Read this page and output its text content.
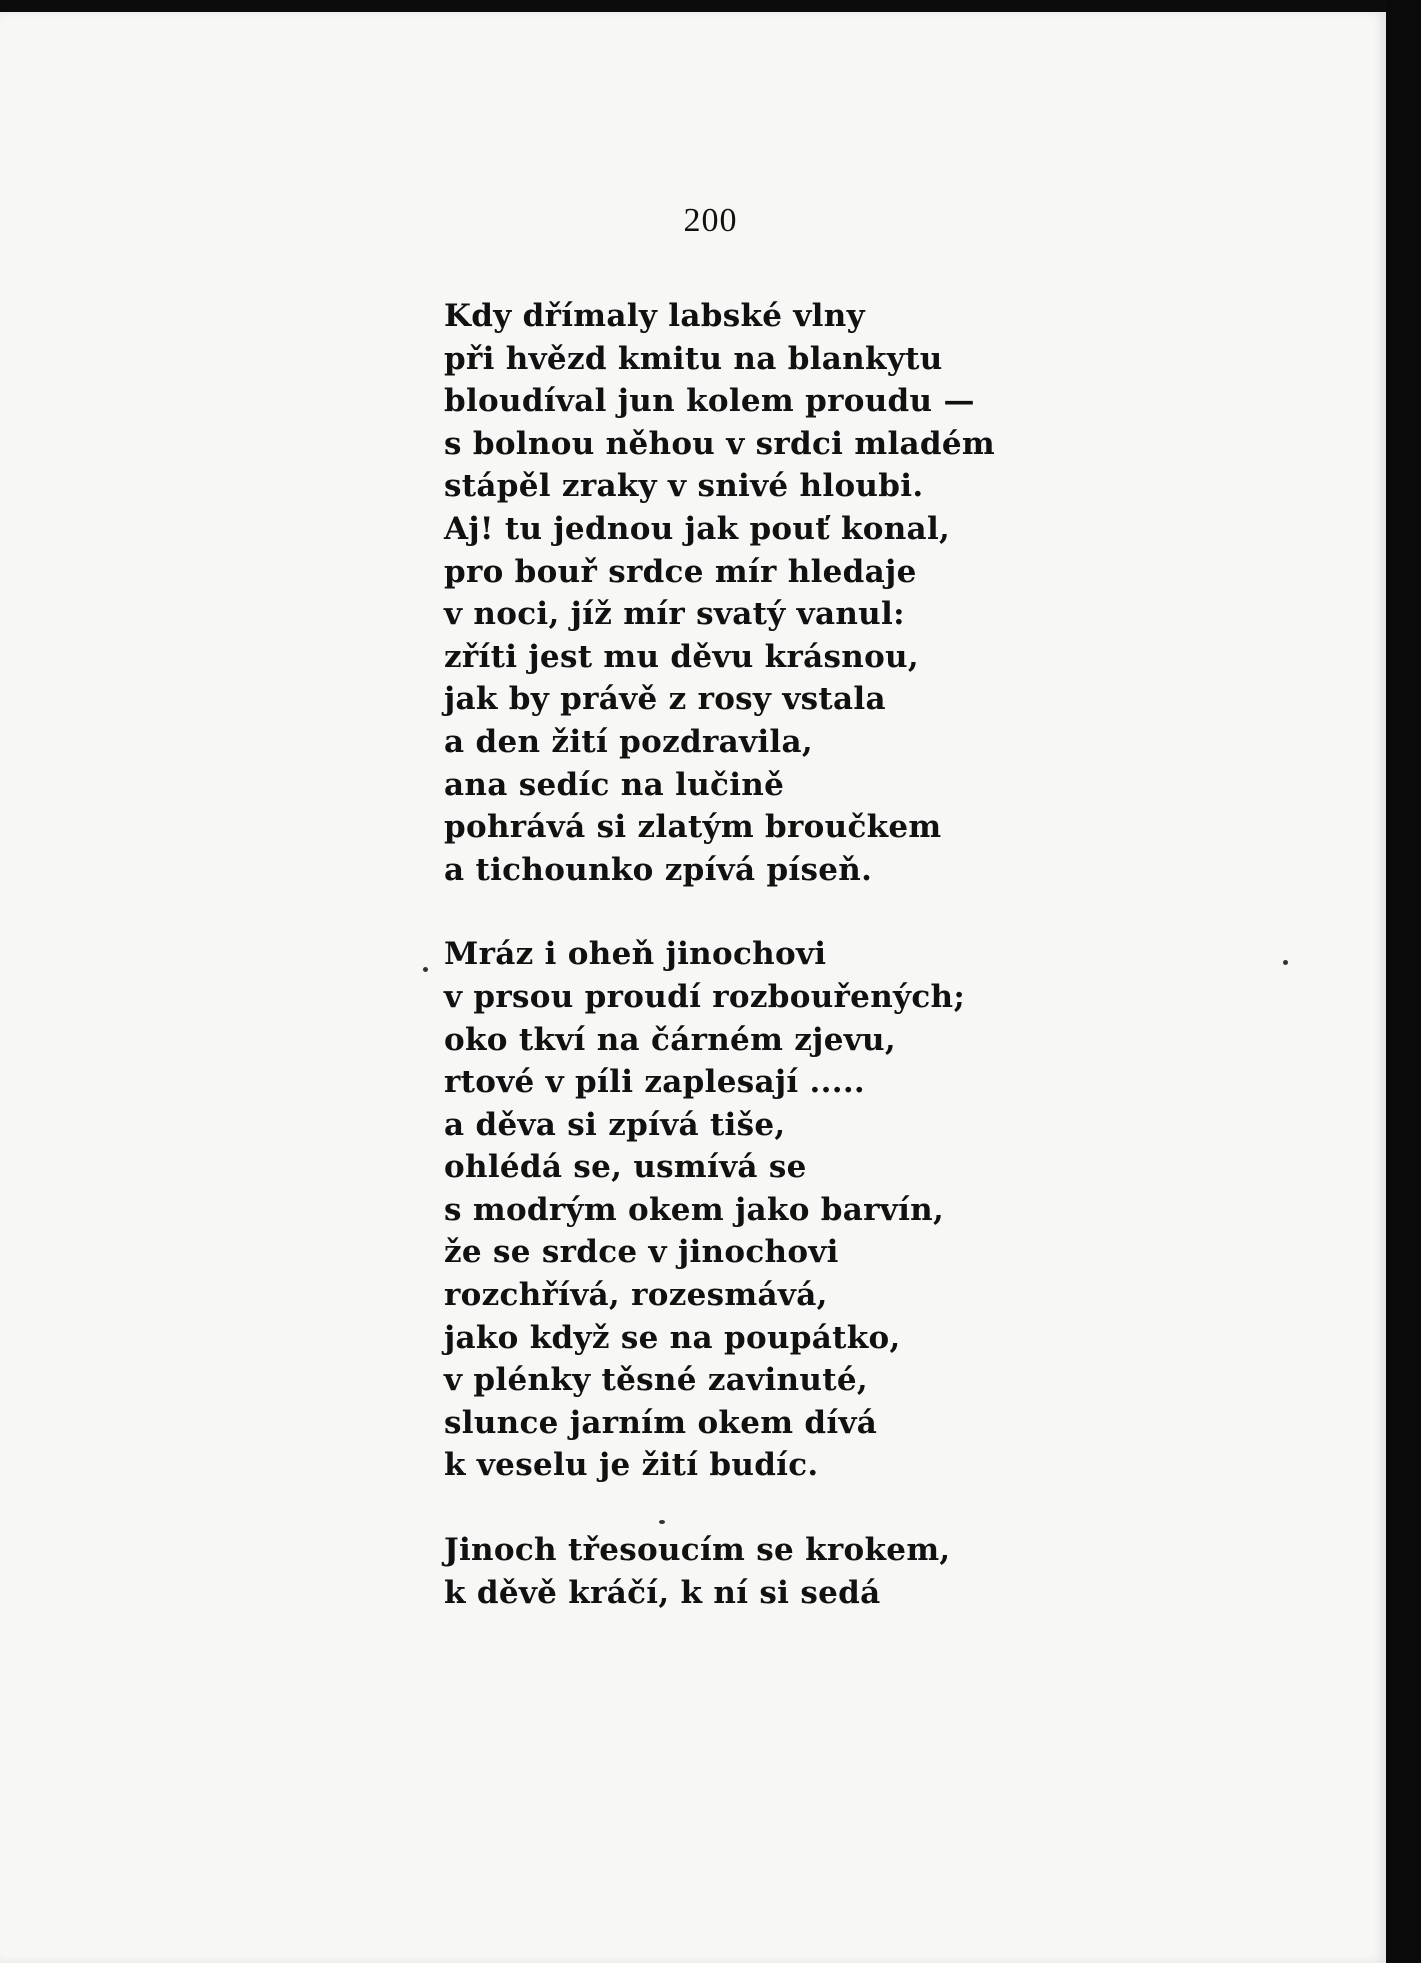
200
Kdy dřímaly labské vlny
při hvězd kmitu na blankytu
bloudíval jun kolem proudu —
s bolnou něhou v srdci mladém
stápěl zraky v snivé hloubi.
Aj! tu jednou jak pouť konal,
pro bouř srdce mír hledaje
v noci, jíž mír svatý vanul:
zříti jest mu děvu krásnou,
jak by právě z rosy vstala
a den žití pozdravila,
ana sedíc na lučině
pohrává si zlatým broučkem
a tichounko zpívá píseň.
Mráz i oheň jinochovi
v prsou proudí rozbouřených;
oko tkví na čárném zjevu,
rtové v píli zaplesají .....
a děva si zpívá tiše,
ohlédá se, usmívá se
s modrým okem jako barvín,
že se srdce v jinochovi
rozchřívá, rozesmává,
jako když se na poupátko,
v plénky těsné zavinuté,
slunce jarním okem dívá
k veselu je žití budíc.
Jinoch třesoucím se krokem,
k děvě kráčí, k ní si sedá
